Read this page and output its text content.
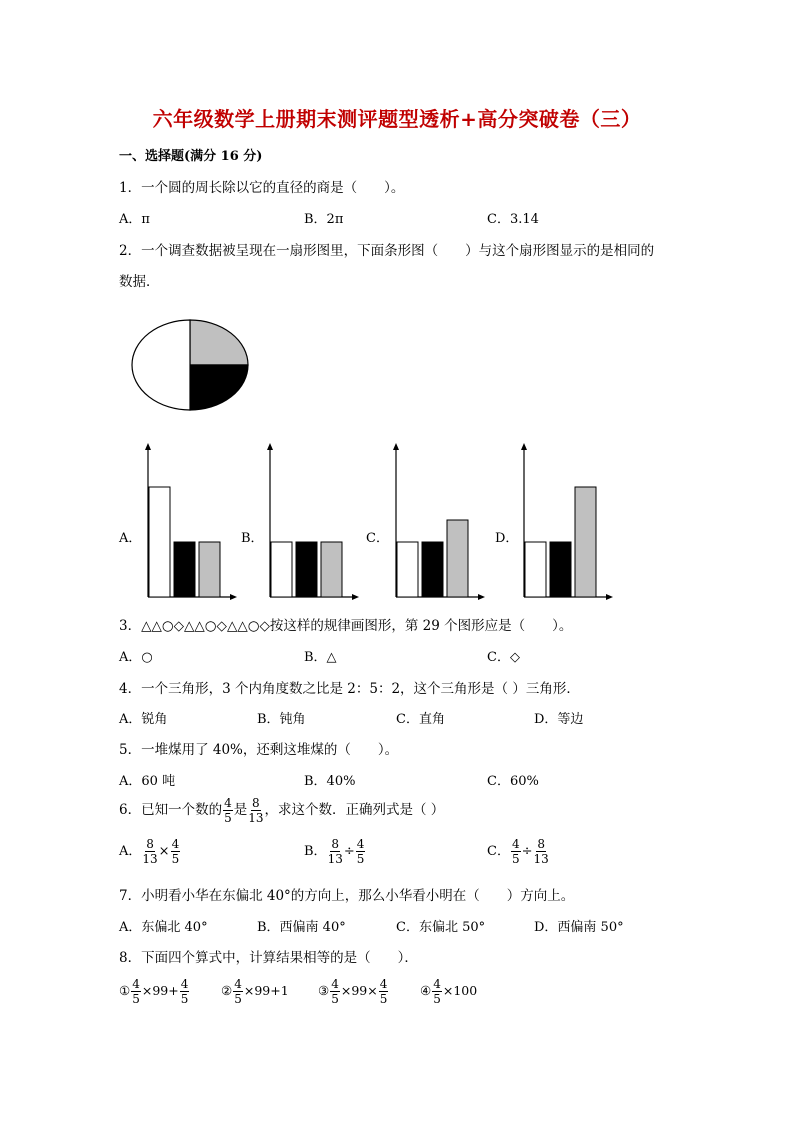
六年级数学上册期末测评题型透析+高分突破卷（三）
一、选择题(满分 16 分)
1．一个圆的周长除以它的直径的商是（　　）。
A．π	B．2π	C．3.14
2．一个调查数据被呈现在一扇形图里，下面条形图（　　）与这个扇形图显示的是相同的
数据．
A．	B．	C．	D．
3．△△○◇△△○◇△△○◇按这样的规律画图形，第 29 个图形应是（　　）。
A．○	B．△	C．◇
4．一个三角形，3 个内角度数之比是 2：5：2，这个三角形是（ ）三角形．
A．锐角	B．钝角	C．直角	D．等边
5．一堆煤用了 40%，还剩这堆煤的（　　）。
A．60 吨	B．40%	C．60%
6．已知一个数的 $\frac{4}{5}$ 是 $\frac{8}{13}$ ，求这个数．正确列式是（ ）
A． $\frac{8}{13} \times \frac{4}{5}$	B． $\frac{8}{13} \div \frac{4}{5}$	C． $\frac{4}{5} \div \frac{8}{13}$
7．小明看小华在东偏北 40°的方向上，那么小华看小明在（　　）方向上。
A．东偏北 40°	B．西偏南 40°	C．东偏北 50°	D．西偏南 50°
8．下面四个算式中，计算结果相等的是（　　）．
① $\frac{4}{5} \times 99+ \frac{4}{5}$	② $\frac{4}{5} \times 99+1$ ③ $\frac{4}{5} \times 99\times \frac{4}{5}$	④ $\frac{4}{5} \times 100$
